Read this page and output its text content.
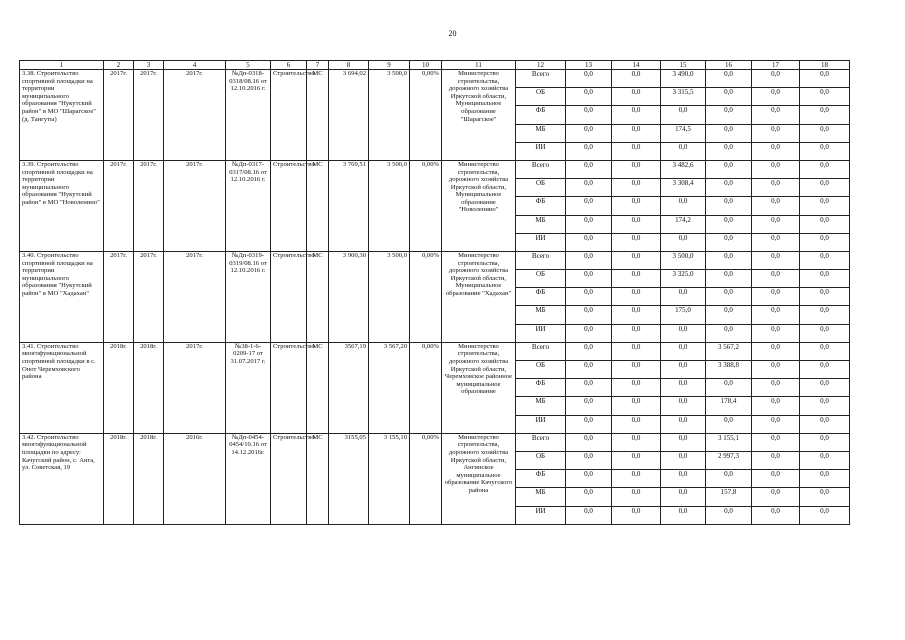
20
1	2	3	4	5	6	7	8	9	10	11	12	13	14	15	16	17	18
3.38. Строительство спортивной площадки на территории муниципального образования "Нукутский район" в МО "Шарагское" (д. Тангуты)	2017г.	2017г.	2017г.	№Дп-0318-0318/08.16 от 12.10.2016 г.	Строительство	МС	3 694,02	3 500,0	0,00%	Министерство строительства, дорожного хозяйства Иркутской области, Муниципальное образование "Шарагское"	Всего	0,0	0,0	3 490,0	0,0	0,0	0,0
											ОБ	0,0	0,0	3 315,5	0,0	0,0	0,0
											ФБ	0,0	0,0	0,0	0,0	0,0	0,0
											МБ	0,0	0,0	174,5	0,0	0,0	0,0
											ИИ	0,0	0,0	0,0	0,0	0,0	0,0
3.39. Строительство спортивной площадки на территории муниципального образования "Нукутский район" в МО "Новоленино"	2017г.	2017г.	2017г.	№Дп-0317-0317/08.16 от 12.10.2016 г.	Строительство	МС	3 769,51	3 500,0	0,00%	Министерство строительства, дорожного хозяйства Иркутской области, Муниципальное образование "Новоленино"	Всего	0,0	0,0	3 482,6	0,0	0,0	0,0
											ОБ	0,0	0,0	3 308,4	0,0	0,0	0,0
											ФБ	0,0	0,0	0,0	0,0	0,0	0,0
											МБ	0,0	0,0	174,2	0,0	0,0	0,0
											ИИ	0,0	0,0	0,0	0,0	0,0	0,0
3.40. Строительство спортивной площадки на территории муниципального образования "Нукутский район" в МО "Хадахан"	2017г.	2017г.	2017г.	№Дп-0319-0319/08.16 от 12.10.2016 г.	Строительство	МС	3 900,30	3 500,0	0,00%	Министерство строительства, дорожного хозяйства Иркутской области, Муниципальное образование "Хадахан"	Всего	0,0	0,0	3 500,0	0,0	0,0	0,0
											ОБ	0,0	0,0	3 325,0	0,0	0,0	0,0
											ФБ	0,0	0,0	0,0	0,0	0,0	0,0
											МБ	0,0	0,0	175,0	0,0	0,0	0,0
											ИИ	0,0	0,0	0,0	0,0	0,0	0,0
3.41. Строительство многофункциональной спортивной площадки в с. Онот Черемховского района	2018г.	2018г.	2017г.	№38-1-6-0209-17 от 31.07.2017 г.	Строительство	МС	3567,19	3 567,20	0,00%	Министерство строительства, дорожного хозяйства Иркутской области, Черемховское районное муниципальное образование	Всего	0,0	0,0	0,0	3 567,2	0,0	0,0
											ОБ	0,0	0,0	0,0	3 388,8	0,0	0,0
											ФБ	0,0	0,0	0,0	0,0	0,0	0,0
											МБ	0,0	0,0	0,0	178,4	0,0	0,0
											ИИ	0,0	0,0	0,0	0,0	0,0	0,0
3.42. Строительство многофункциональной площадки по адресу: Качугский район, с. Анга, ул. Советская, 19	2018г.	2018г.	2016г.	№Дп-0454-0454/10.16 от 14.12.2016г.	Строительство	МС	3155,05	3 155,10	0,00%	Министерство строительства, дорожного хозяйства Иркутской области, Ангинское муниципальное образование Качугского района	Всего	0,0	0,0	0,0	3 155,1	0,0	0,0
											ОБ	0,0	0,0	0,0	2 997,3	0,0	0,0
											ФБ	0,0	0,0	0,0	0,0	0,0	0,0
											МБ	0,0	0,0	0,0	157,8	0,0	0,0
											ИИ	0,0	0,0	0,0	0,0	0,0	0,0
